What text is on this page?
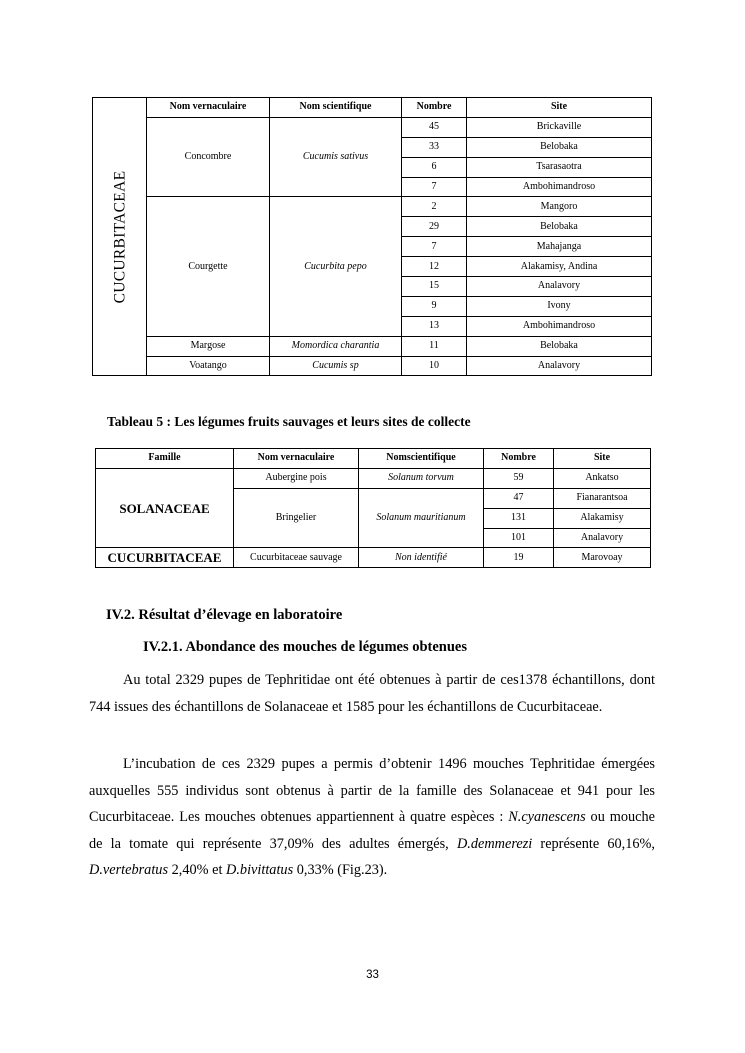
CUCURBITACEAE	Nom vernaculaire	Nom scientifique	Nombre	Site
	Concombre	Cucumis sativus	45	Brickaville
			33	Belobaka
			6	Tsarasaotra
			7	Ambohimandroso
	Courgette	Cucurbita pepo	2	Mangoro
			29	Belobaka
			7	Mahajanga
			12	Alakamisy, Andina
			15	Analavory
			9	Ivony
			13	Ambohimandroso
	Margose	Momordica charantia	11	Belobaka
	Voatango	Cucumis sp	10	Analavory
Tableau 5 : Les légumes fruits sauvages et leurs sites de collecte
Famille	Nom vernaculaire	Nomscientifique	Nombre	Site
SOLANACEAE	Aubergine pois	Solanum torvum	59	Ankatso
	Bringelier	Solanum mauritianum	47	Fianarantsoa
			131	Alakamisy
			101	Analavory
CUCURBITACEAE	Cucurbitaceae sauvage	Non identifié	19	Marovoay
IV.2. Résultat d’élevage en laboratoire
IV.2.1. Abondance des mouches de légumes obtenues

Au total 2329 pupes de Tephritidae ont été obtenues à partir de ces1378 échantillons, dont 744 issues des échantillons de Solanaceae et 1585 pour les échantillons de Cucurbitaceae.

L’incubation de ces 2329 pupes a permis d’obtenir 1496 mouches Tephritidae émergées auxquelles 555 individus sont obtenus à partir de la famille des Solanaceae et 941 pour les Cucurbitaceae. Les mouches obtenues appartiennent à quatre espèces : N.cyanescens ou mouche de la tomate qui représente 37,09% des adultes émergés, D.demmerezi représente 60,16%, D.vertebratus 2,40% et D.bivittatus 0,33% (Fig.23).

33
